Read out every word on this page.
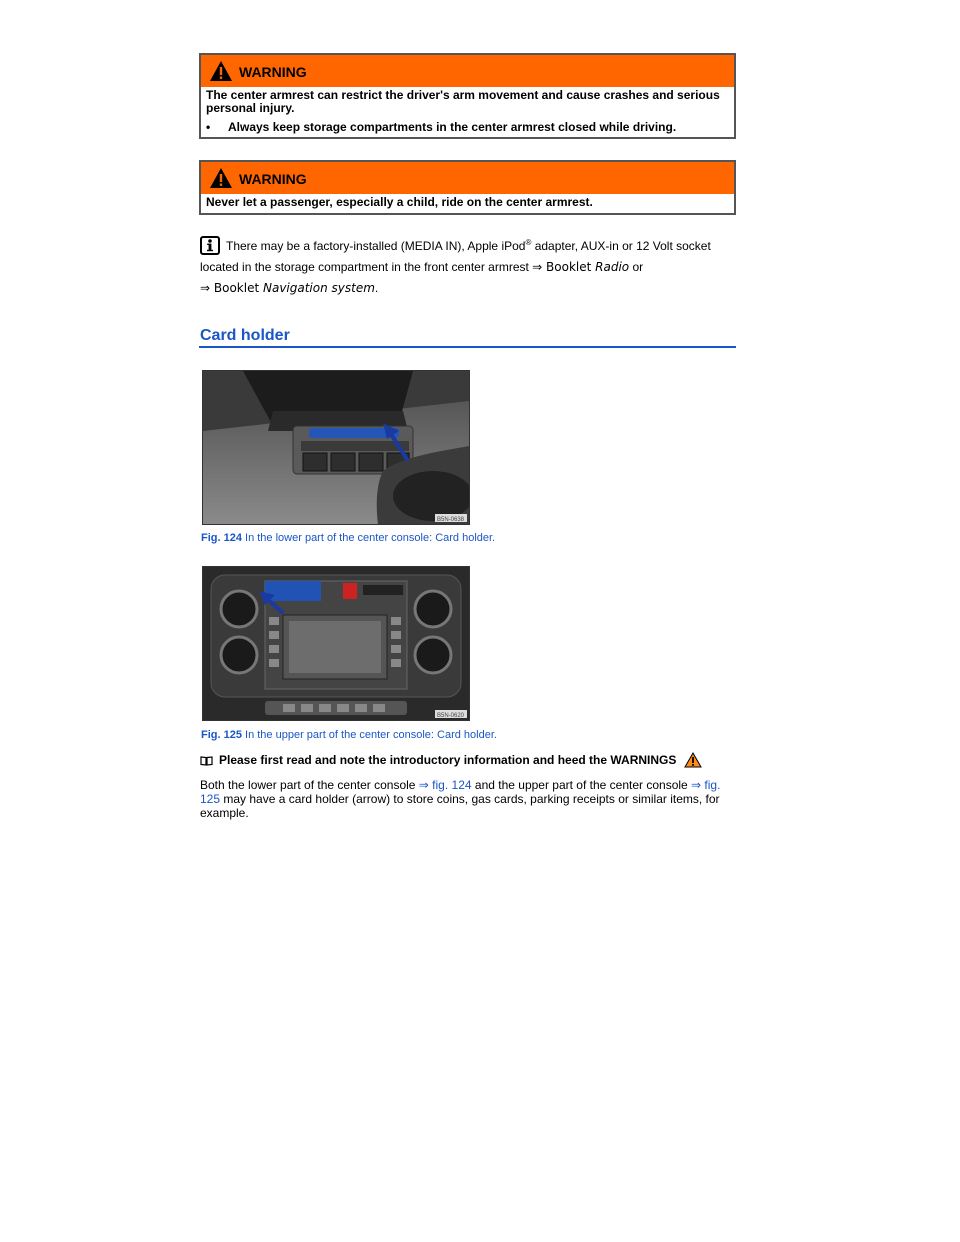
WARNING

The center armrest can restrict the driver's arm movement and cause crashes and serious personal injury.

•	Always keep storage compartments in the center armrest closed while driving.
WARNING

Never let a passenger, especially a child, ride on the center armrest.

There may be a factory-installed (MEDIA IN), Apple iPod® adapter, AUX-in or 12 Volt socket located in the storage compartment in the front center armrest ⇒ Booklet Radio or
⇒ Booklet Navigation system.
Card holder
B5N-0638
Fig. 124 In the lower part of the center console: Card holder.
B5N-0620
Fig. 125 In the upper part of the center console: Card holder.
Please first read and note the introductory information and heed the WARNINGS
Both the lower part of the center console ⇒ fig. 124 and the upper part of the center console ⇒ fig. 125 may have a card holder (arrow) to store coins, gas cards, parking receipts or similar items, for example.
